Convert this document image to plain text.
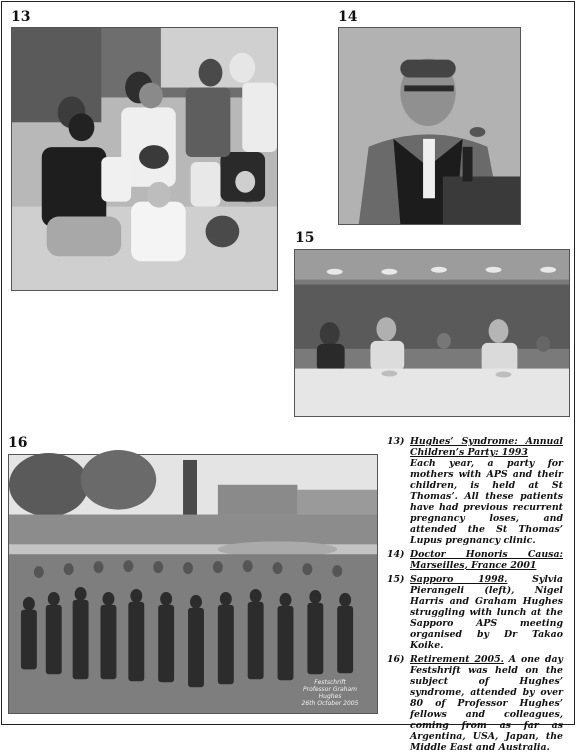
13	14
15
16
Festschrift
Professor Graham Hughes
26th October 2005
13) Hughes’ Syndrome: Annual Children’s Party: 1993
Each year, a party for mothers with APS and their children, is held at St Thomas’. All these patients have had previous recurrent pregnancy loses, and attended the St Thomas’ Lupus pregnancy clinic.
14) Doctor Honoris Causa: Marseilles, France 2001
15) Sapporo 1998.	Sylvia Pierangeli (left), Nigel Harris and Graham Hughes struggling with lunch at the Sapporo APS meeting organised by Dr Takao Koike.
16) Retirement 2005. A one day Festshrift was held on the subject of Hughes’ syndrome, attended by over 80 of Professor Hughes’ fellows and colleagues, coming from as far as Argentina, USA, Japan, the Middle East and Australia.
